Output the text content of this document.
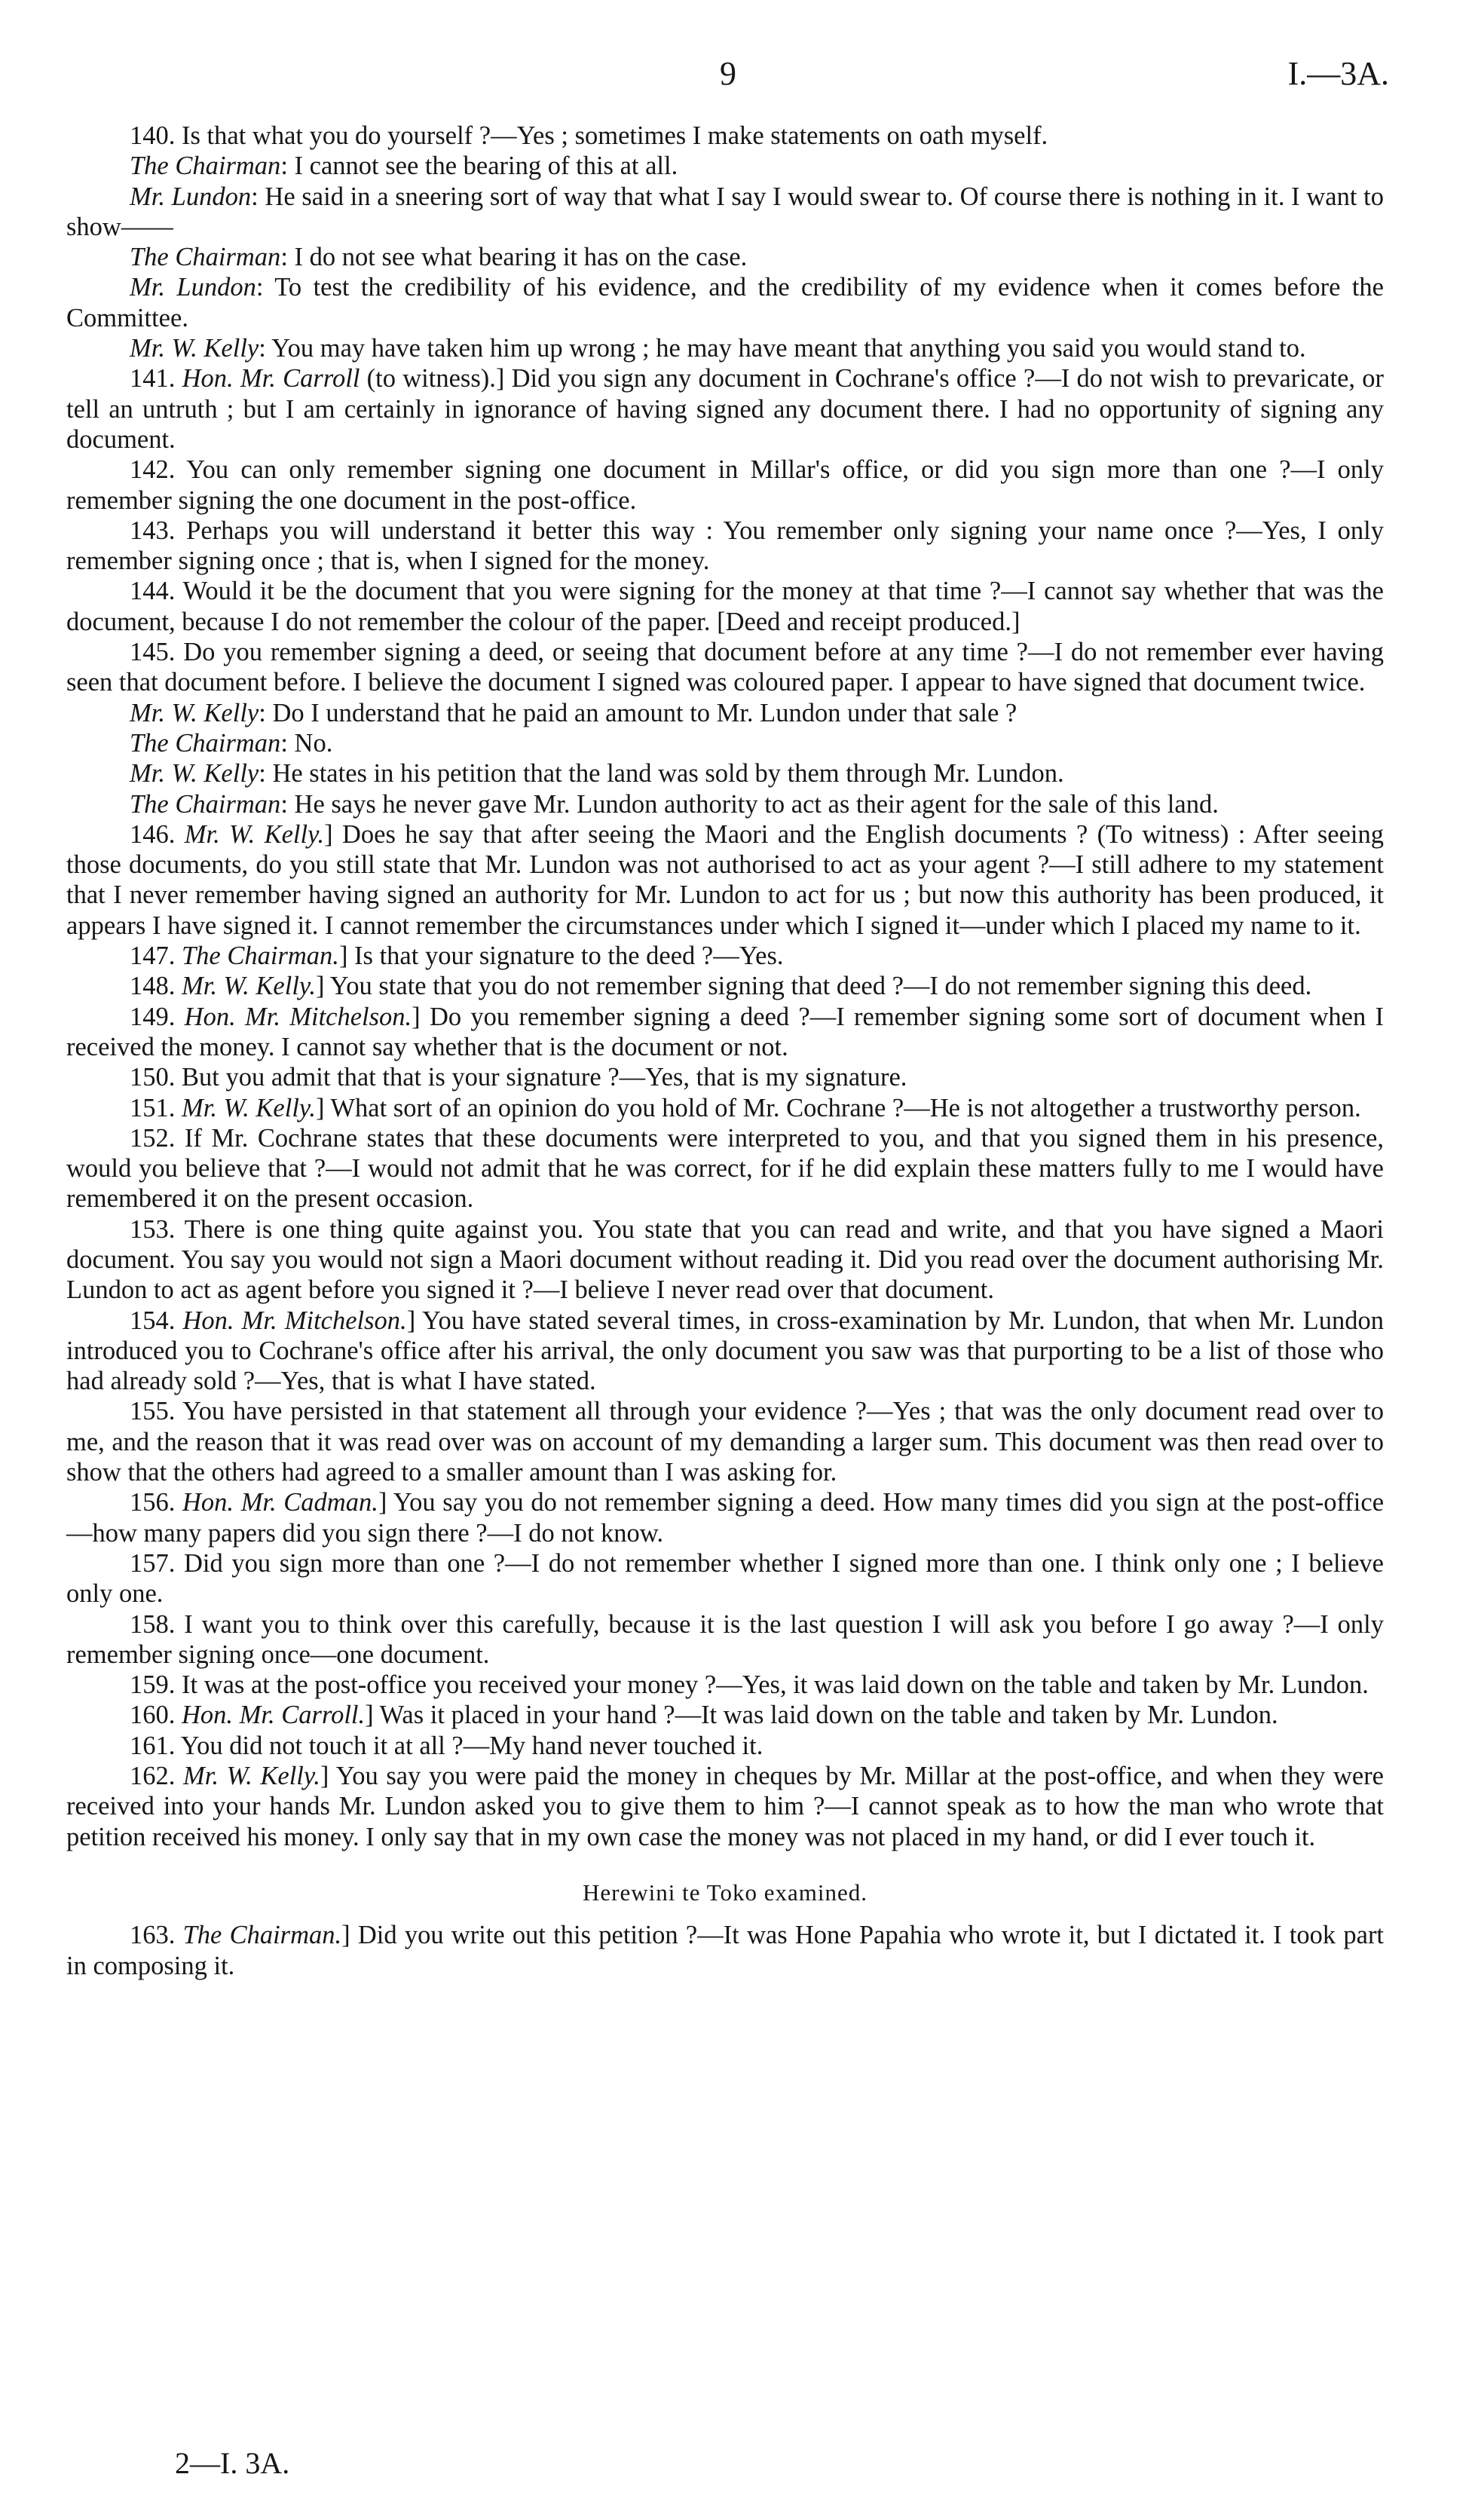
9	I.—3A.

140. Is that what you do yourself ?—Yes ; sometimes I make statements on oath myself.

The Chairman: I cannot see the bearing of this at all.

Mr. Lundon: He said in a sneering sort of way that what I say I would swear to. Of course there is nothing in it. I want to show——

The Chairman: I do not see what bearing it has on the case.

Mr. Lundon: To test the credibility of his evidence, and the credibility of my evidence when it comes before the Committee.

Mr. W. Kelly: You may have taken him up wrong ; he may have meant that anything you said you would stand to.

141. Hon. Mr. Carroll (to witness).] Did you sign any document in Cochrane's office ?—I do not wish to prevaricate, or tell an untruth ; but I am certainly in ignorance of having signed any document there. I had no opportunity of signing any document.

142. You can only remember signing one document in Millar's office, or did you sign more than one ?—I only remember signing the one document in the post-office.

143. Perhaps you will understand it better this way : You remember only signing your name once ?—Yes, I only remember signing once ; that is, when I signed for the money.

144. Would it be the document that you were signing for the money at that time ?—I cannot say whether that was the document, because I do not remember the colour of the paper. [Deed and receipt produced.]

145. Do you remember signing a deed, or seeing that document before at any time ?—I do not remember ever having seen that document before. I believe the document I signed was coloured paper. I appear to have signed that document twice.

Mr. W. Kelly: Do I understand that he paid an amount to Mr. Lundon under that sale ?

The Chairman: No.

Mr. W. Kelly: He states in his petition that the land was sold by them through Mr. Lundon.

The Chairman: He says he never gave Mr. Lundon authority to act as their agent for the sale of this land.

146. Mr. W. Kelly.] Does he say that after seeing the Maori and the English documents ? (To witness) : After seeing those documents, do you still state that Mr. Lundon was not authorised to act as your agent ?—I still adhere to my statement that I never remember having signed an authority for Mr. Lundon to act for us ; but now this authority has been produced, it appears I have signed it. I cannot remember the circumstances under which I signed it—under which I placed my name to it.

147. The Chairman.] Is that your signature to the deed ?—Yes.

148. Mr. W. Kelly.] You state that you do not remember signing that deed ?—I do not remember signing this deed.

149. Hon. Mr. Mitchelson.] Do you remember signing a deed ?—I remember signing some sort of document when I received the money. I cannot say whether that is the document or not.

150. But you admit that that is your signature ?—Yes, that is my signature.

151. Mr. W. Kelly.] What sort of an opinion do you hold of Mr. Cochrane ?—He is not altogether a trustworthy person.

152. If Mr. Cochrane states that these documents were interpreted to you, and that you signed them in his presence, would you believe that ?—I would not admit that he was correct, for if he did explain these matters fully to me I would have remembered it on the present occasion.

153. There is one thing quite against you. You state that you can read and write, and that you have signed a Maori document. You say you would not sign a Maori document without reading it. Did you read over the document authorising Mr. Lundon to act as agent before you signed it ?—I believe I never read over that document.

154. Hon. Mr. Mitchelson.] You have stated several times, in cross-examination by Mr. Lundon, that when Mr. Lundon introduced you to Cochrane's office after his arrival, the only document you saw was that purporting to be a list of those who had already sold ?—Yes, that is what I have stated.

155. You have persisted in that statement all through your evidence ?—Yes ; that was the only document read over to me, and the reason that it was read over was on account of my demanding a larger sum. This document was then read over to show that the others had agreed to a smaller amount than I was asking for.

156. Hon. Mr. Cadman.] You say you do not remember signing a deed. How many times did you sign at the post-office—how many papers did you sign there ?—I do not know.

157. Did you sign more than one ?—I do not remember whether I signed more than one. I think only one ; I believe only one.

158. I want you to think over this carefully, because it is the last question I will ask you before I go away ?—I only remember signing once—one document.

159. It was at the post-office you received your money ?—Yes, it was laid down on the table and taken by Mr. Lundon.

160. Hon. Mr. Carroll.] Was it placed in your hand ?—It was laid down on the table and taken by Mr. Lundon.

161. You did not touch it at all ?—My hand never touched it.

162. Mr. W. Kelly.] You say you were paid the money in cheques by Mr. Millar at the post-office, and when they were received into your hands Mr. Lundon asked you to give them to him ?—I cannot speak as to how the man who wrote that petition received his money. I only say that in my own case the money was not placed in my hand, or did I ever touch it.

Herewini te Toko examined.

163. The Chairman.] Did you write out this petition ?—It was Hone Papahia who wrote it, but I dictated it. I took part in composing it.

2—I. 3A.
